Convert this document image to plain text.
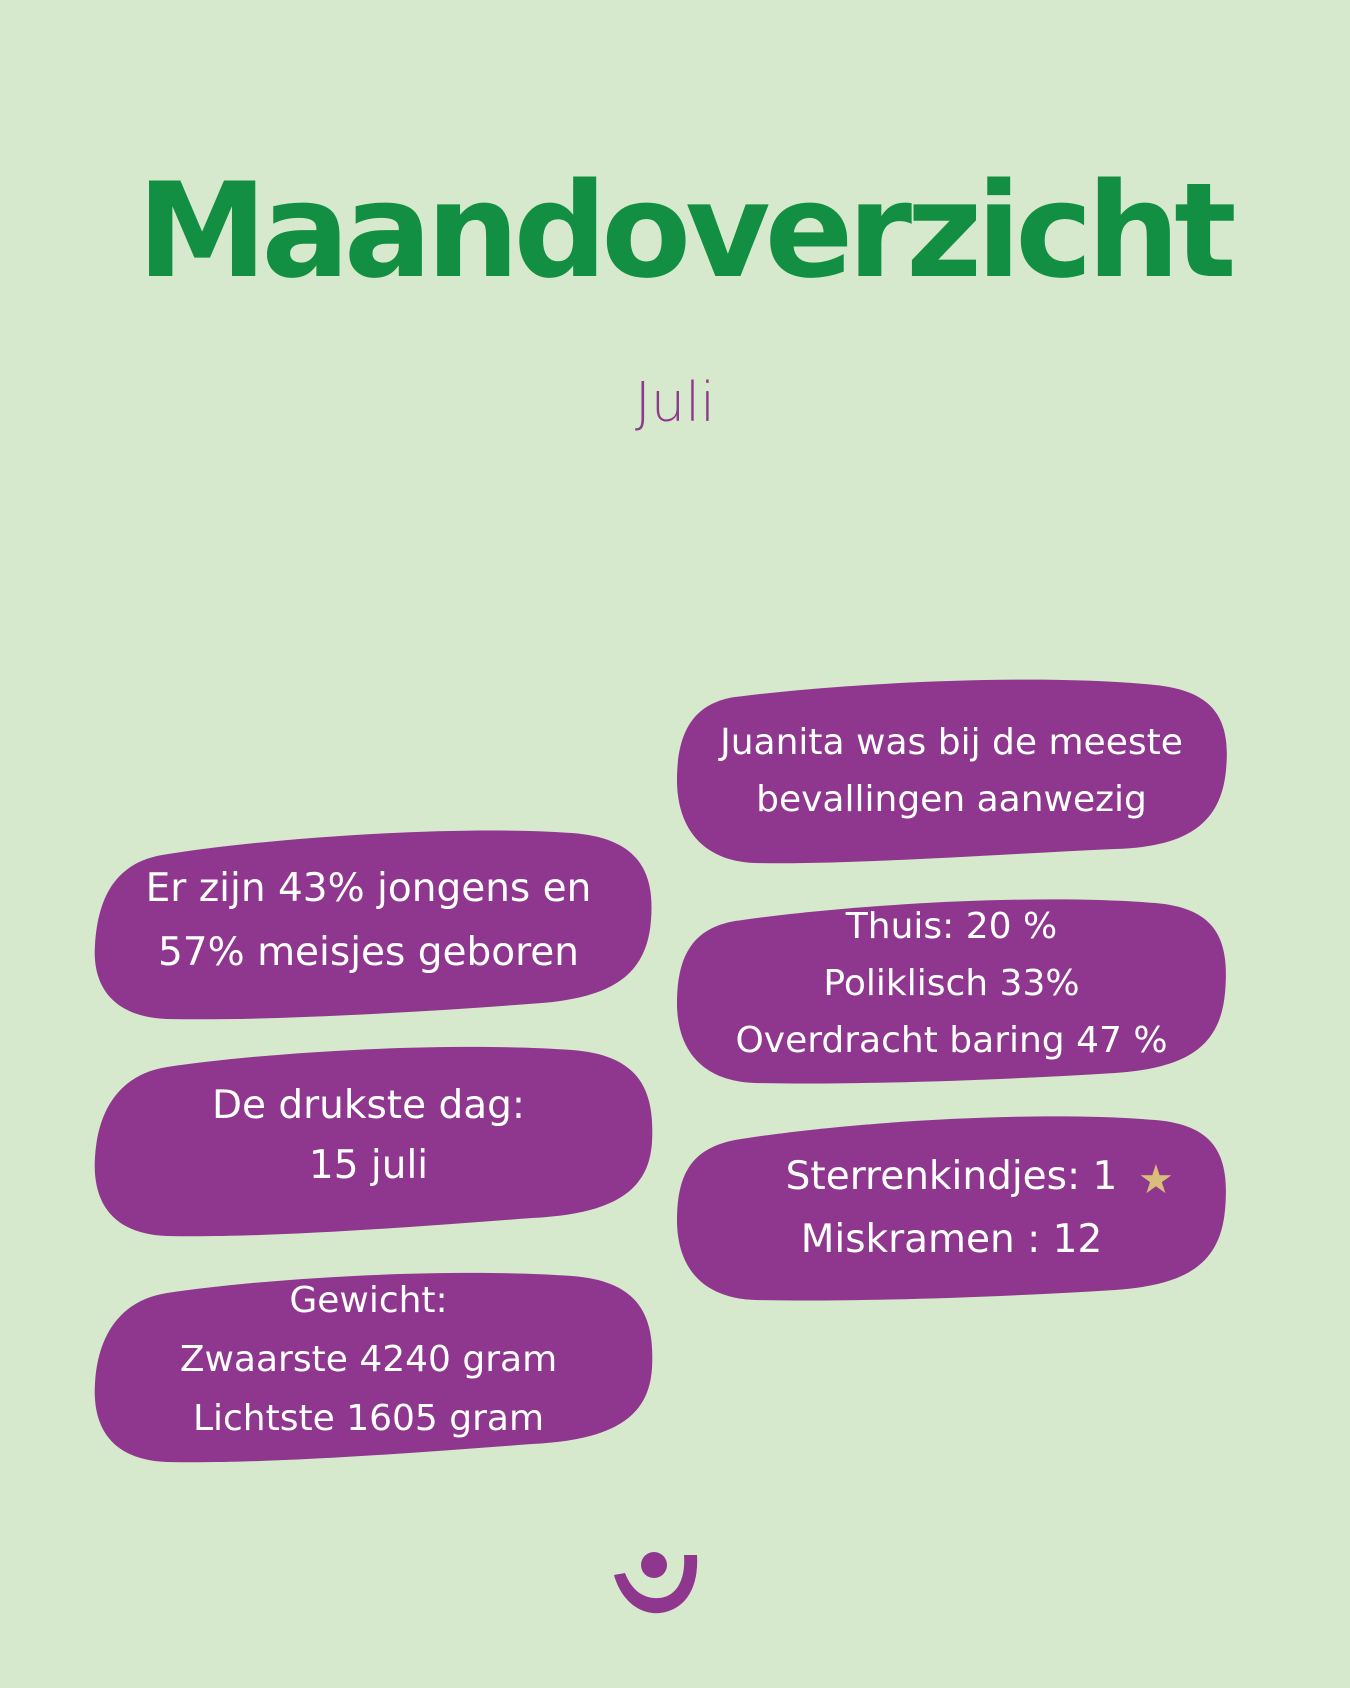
Maandoverzicht
Juli
Juanita was bij de meeste
bevallingen aanwezig
Er zijn 43% jongens en
57% meisjes geboren
Thuis: 20 %
Poliklisch 33%
Overdracht baring 47 %
De drukste dag:
15 juli	Sterrenkindjes: 1
Miskramen : 12
★
Gewicht:
Zwaarste 4240 gram
Lichtste 1605 gram
